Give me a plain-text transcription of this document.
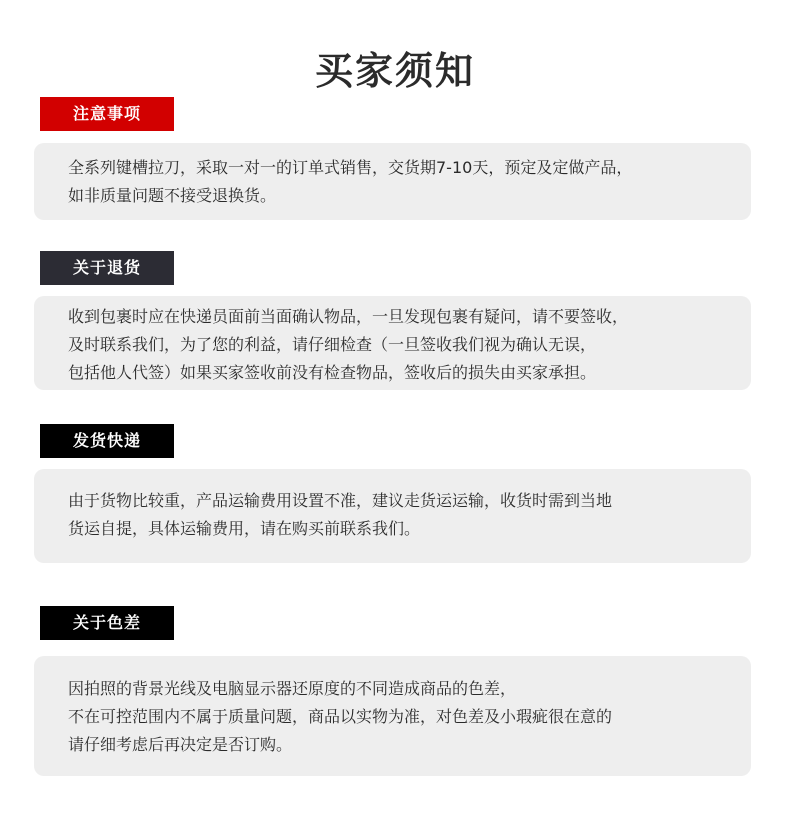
买家须知
注意事项
全系列键槽拉刀，采取一对一的订单式销售，交货期7-10天，预定及定做产品，
如非质量问题不接受退换货。
关于退货
收到包裹时应在快递员面前当面确认物品，一旦发现包裹有疑问，请不要签收，
及时联系我们，为了您的利益，请仔细检查（一旦签收我们视为确认无误，
包括他人代签）如果买家签收前没有检查物品，签收后的损失由买家承担。
发货快递
由于货物比较重，产品运输费用设置不准，建议走货运运输，收货时需到当地
货运自提，具体运输费用，请在购买前联系我们。
关于色差
因拍照的背景光线及电脑显示器还原度的不同造成商品的色差，
不在可控范围内不属于质量问题，商品以实物为准，对色差及小瑕疵很在意的
请仔细考虑后再决定是否订购。
